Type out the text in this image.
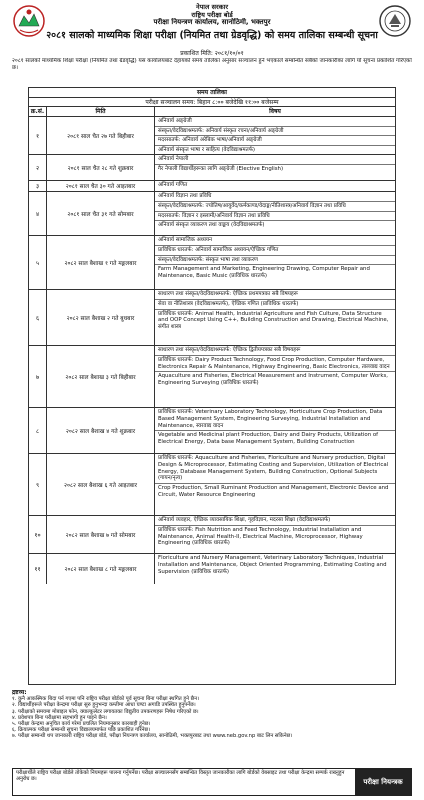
नेपाल सरकार
राष्ट्रिय परीक्षा बोर्ड
परीक्षा नियन्त्रण कार्यालय, सानोठिमी, भक्तपुर
२०८१ सालको माध्यमिक शिक्षा परीक्षा (नियमित तथा ग्रेडवृद्धि) को समय तालिका सम्बन्धी सूचना
प्रकाशित मिति: २०८१/१०/०१
२०८१ सालको माध्यमिक शिक्षा परीक्षा (नियमित तथा ग्रेडवृद्धि) यस कार्यालयबाट देहायको समय तालिका अनुसार सञ्चालन हुने भएकाले सम्बन्धित सबैको जानकारीका लागि यो सूचना प्रकाशित गरिएको छ।
समय तालिका
परीक्षा सञ्चालन समय: बिहान ८:०० बजेदेखि ११:०० बजेसम्म
क्र.सं.	मिति	विषय
१	२०८१ साल चैत २७ गते बिहीबार
अनिवार्य अङ्ग्रेजी
संस्कृत/वेदविद्याश्रमतर्फ: अनिवार्य संस्कृत रचना/अनिवार्य अङ्ग्रेजी
मदरसातर्फ: अनिवार्य अरेबिक भाषा/अनिवार्य अङ्ग्रेजी
अनिवार्य संस्कृत भाषा र साहित्य (वेदविद्याश्रमतर्फ)
२	२०८१ साल चैत २८ गते शुक्रबार
अनिवार्य नेपाली
गैर नेपाली विद्यार्थीहरूका लागि अङ्ग्रेजी (Elective English)
३	२०८१ साल चैत ३० गते आइतबार	अनिवार्य गणित
४	२०८१ साल चैत ३१ गते सोमबार
अनिवार्य विज्ञान तथा प्रविधि
संस्कृत/वेदविद्याश्रमतर्फ: ज्योतिष/आयुर्वेद/कर्मकाण्ड/वेदाङ्ग/नीतिशास्त्र/अनिवार्य विज्ञान तथा प्रविधि
मदरसातर्फ: विज्ञान र इस्लामी/अनिवार्य विज्ञान तथा प्रविधि
अनिवार्य संस्कृत व्याकरण तथा वाङ्मय (वेदविद्याश्रमतर्फ)
५	२०८२ साल बैशाख १ गते मङ्गलबार
अनिवार्य सामाजिक अध्ययन
प्राविधिक धारतर्फ: अनिवार्य सामाजिक अध्ययन/ऐच्छिक गणित
संस्कृत/वेदविद्याश्रमतर्फ: संस्कृत भाषा तथा व्याकरण
Farm Management and Marketing, Engineering Drawing, Computer Repair and Maintenance, Basic Music (प्राविधिक धारतर्फ)
६	२०८२ साल बैशाख २ गते बुधबार
साधारण तथा संस्कृत/वेदविद्याश्रमतर्फ: ऐच्छिक प्रथमपत्रका सबै विषयहरू
सेवा वा नीतिशास्त्र (वेदविद्याश्रमतर्फ), ऐच्छिक गणित (प्राविधिक धारतर्फ)
प्राविधिक धारतर्फ: Animal Health, Industrial Agriculture and Fish Culture, Data Structure and OOP Concept Using C++, Building Construction and Drawing, Electrical Machine, संगीत शास्त्र
७	२०८२ साल बैशाख ३ गते बिहीबार
साधारण तथा संस्कृत/वेदविद्याश्रमतर्फ: ऐच्छिक द्वितीयपत्रका सबै विषयहरू
प्राविधिक धारतर्फ: Dairy Product Technology, Food Crop Production, Computer Hardware, Electronics Repair & Maintenance, Highway Engineering, Basic Electronics, तालवाद्य वादन
Aquaculture and Fisheries, Electrical Measurement and Instrument, Computer Works, Engineering Surveying (प्राविधिक धारतर्फ)
८	२०८२ साल बैशाख ४ गते शुक्रबार
प्राविधिक धारतर्फ: Veterinary Laboratory Technology, Horticulture Crop Production, Data Based Management System, Engineering Surveying, Industrial Installation and Maintenance, स्वरवाद्य वादन
Vegetable and Medicinal plant Production, Dairy and Dairy Products, Utilization of Electrical Energy, Data base Management System, Building Construction
९	२०८२ साल बैशाख ६ गते आइतबार
प्राविधिक धारतर्फ: Aquaculture and Fisheries, Floriculture and Nursery production, Digital Design & Microprocessor, Estimating Costing and Supervision, Utilization of Electrical Energy, Database Management System, Building Construction, Optional Subjects (गायन/नृत्य)
Crop Production, Small Ruminant Production and Management, Electronic Device and Circuit, Water Resource Engineering
१०	२०८२ साल बैशाख ७ गते सोमबार
अनिवार्य व्यवहार, ऐच्छिक व्यावसायिक शिक्षा, गृहविज्ञान, मदरसा शिक्षा (वेदविद्याश्रमतर्फ)
प्राविधिक धारतर्फ: Fish Nutrition and Feed Technology, Industrial Installation and Maintenance, Animal Health-II, Electrical Machine, Microprocessor, Highway Engineering (प्राविधिक धारतर्फ)
११	२०८२ साल बैशाख ८ गते मङ्गलबार
Floriculture and Nursery Management, Veterinary Laboratory Techniques, Industrial Installation and Maintenance, Object Oriented Programming, Estimating Costing and Supervision (प्राविधिक धारतर्फ)
द्रष्टव्य:
१. कुनै आकस्मिक बिदा पर्न गएमा पनि राष्ट्रिय परीक्षा बोर्डको पूर्व सूचना बिना परीक्षा स्थगित हुने छैन।
२. विद्यार्थीहरूले परीक्षा केन्द्रमा परीक्षा सुरु हुनुभन्दा कम्तीमा आधा घण्टा अगाडि उपस्थित हुनुपर्नेछ।
३. परीक्षाको समयमा मोबाइल फोन, क्याल्कुलेटर लगायतका विद्युतीय उपकरणहरू निषेध गरिएको छ।
४. प्रवेशपत्र बिना परीक्षामा सहभागी हुन पाइने छैन।
५. परीक्षा केन्द्रमा अनुचित कार्य गरेमा प्रचलित नियमानुसार कारबाही हुनेछ।
६. क्रियात्मक परीक्षा सम्बन्धी सूचना विद्यालयमार्फत पछि प्रकाशित गरिनेछ।
७. परीक्षा सम्बन्धी थप जानकारी राष्ट्रिय परीक्षा बोर्ड, परीक्षा नियन्त्रण कार्यालय, सानोठिमी, भक्तपुरबाट तथा www.neb.gov.np बाट लिन सकिनेछ।
परीक्षार्थीले राष्ट्रिय परीक्षा बोर्डले तोकेको नियमहरू पालना गर्नुपर्नेछ। परीक्षा सञ्चालनसँग सम्बन्धित विस्तृत जानकारीका लागि बोर्डको वेबसाइट तथा परीक्षा केन्द्रमा सम्पर्क राख्नुहुन अनुरोध छ।	परीक्षा नियन्त्रक
